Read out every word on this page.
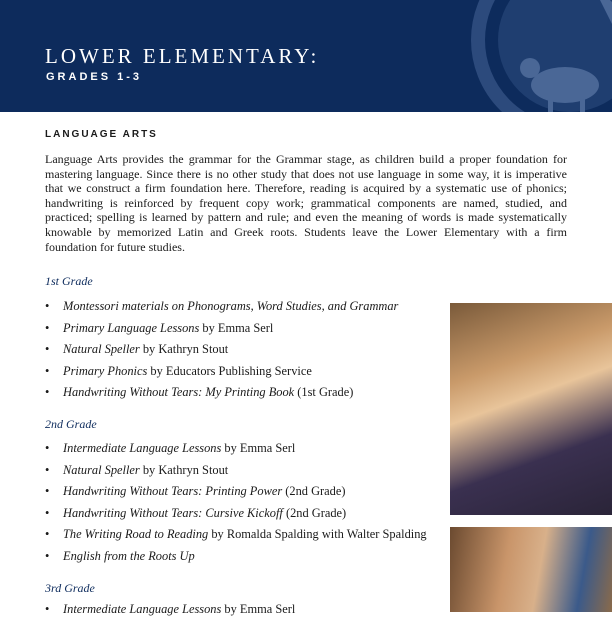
LOWER ELEMENTARY:
GRADES 1-3
LANGUAGE ARTS

Language Arts provides the grammar for the Grammar stage, as children build a proper foundation for mastering language. Since there is no other study that does not use language in some way, it is imperative that we construct a firm foundation here. Therefore, reading is acquired by a systematic use of phonics; handwriting is reinforced by frequent copy work; grammatical components are named, studied, and practiced; spelling is learned by pattern and rule; and even the meaning of words is made systematically knowable by memorized Latin and Greek roots. Students leave the Lower Elementary with a firm foundation for future studies.

1st Grade
• Montessori materials on Phonograms, Word Studies, and Grammar
• Primary Language Lessons by Emma Serl
• Natural Speller by Kathryn Stout
• Primary Phonics by Educators Publishing Service
• Handwriting Without Tears: My Printing Book (1st Grade)
2nd Grade
• Intermediate Language Lessons by Emma Serl
• Natural Speller by Kathryn Stout
• Handwriting Without Tears: Printing Power (2nd Grade)
• Handwriting Without Tears: Cursive Kickoff (2nd Grade)
• The Writing Road to Reading by Romalda Spalding with Walter Spalding
• English from the Roots Up
3rd Grade
• Intermediate Language Lessons by Emma Serl
